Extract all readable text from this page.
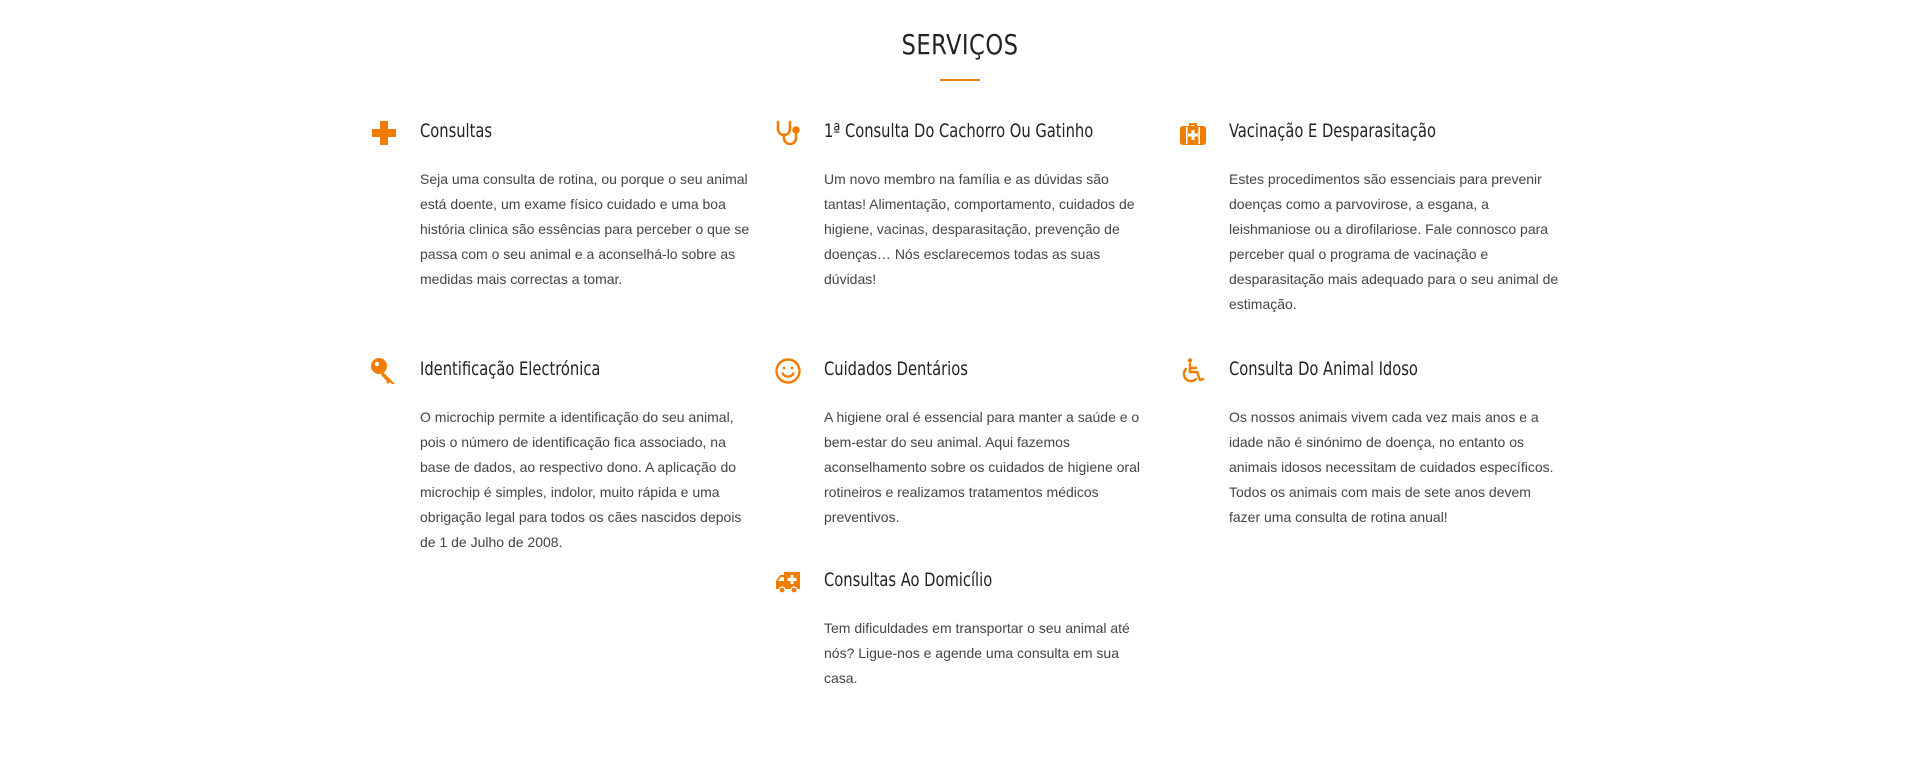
SERVIÇOS
Consultas

Seja uma consulta de rotina, ou porque o seu animal está doente, um exame físico cuidado e uma boa história clinica são essências para perceber o que se passa com o seu animal e a aconselhá-lo sobre as medidas mais correctas a tomar.

1ª Consulta Do Cachorro Ou Gatinho

Um novo membro na família e as dúvidas são tantas! Alimentação, comportamento, cuidados de higiene, vacinas, desparasitação, prevenção de doenças… Nós esclarecemos todas as suas dúvidas!

Vacinação E Desparasitação

Estes procedimentos são essenciais para prevenir doenças como a parvovirose, a esgana, a leishmaniose ou a dirofilariose. Fale connosco para perceber qual o programa de vacinação e desparasitação mais adequado para o seu animal de estimação.

Identificação Electrónica

O microchip permite a identificação do seu animal, pois o número de identificação fica associado, na base de dados, ao respectivo dono. A aplicação do microchip é simples, indolor, muito rápida e uma obrigação legal para todos os cães nascidos depois de 1 de Julho de 2008.

Cuidados Dentários

A higiene oral é essencial para manter a saúde e o bem-estar do seu animal. Aqui fazemos aconselhamento sobre os cuidados de higiene oral rotineiros e realizamos tratamentos médicos preventivos.

Consulta Do Animal Idoso

Os nossos animais vivem cada vez mais anos e a idade não é sinónimo de doença, no entanto os animais idosos necessitam de cuidados específicos. Todos os animais com mais de sete anos devem fazer uma consulta de rotina anual!

Consultas Ao Domicílio

Tem dificuldades em transportar o seu animal até nós? Ligue-nos e agende uma consulta em sua casa.
